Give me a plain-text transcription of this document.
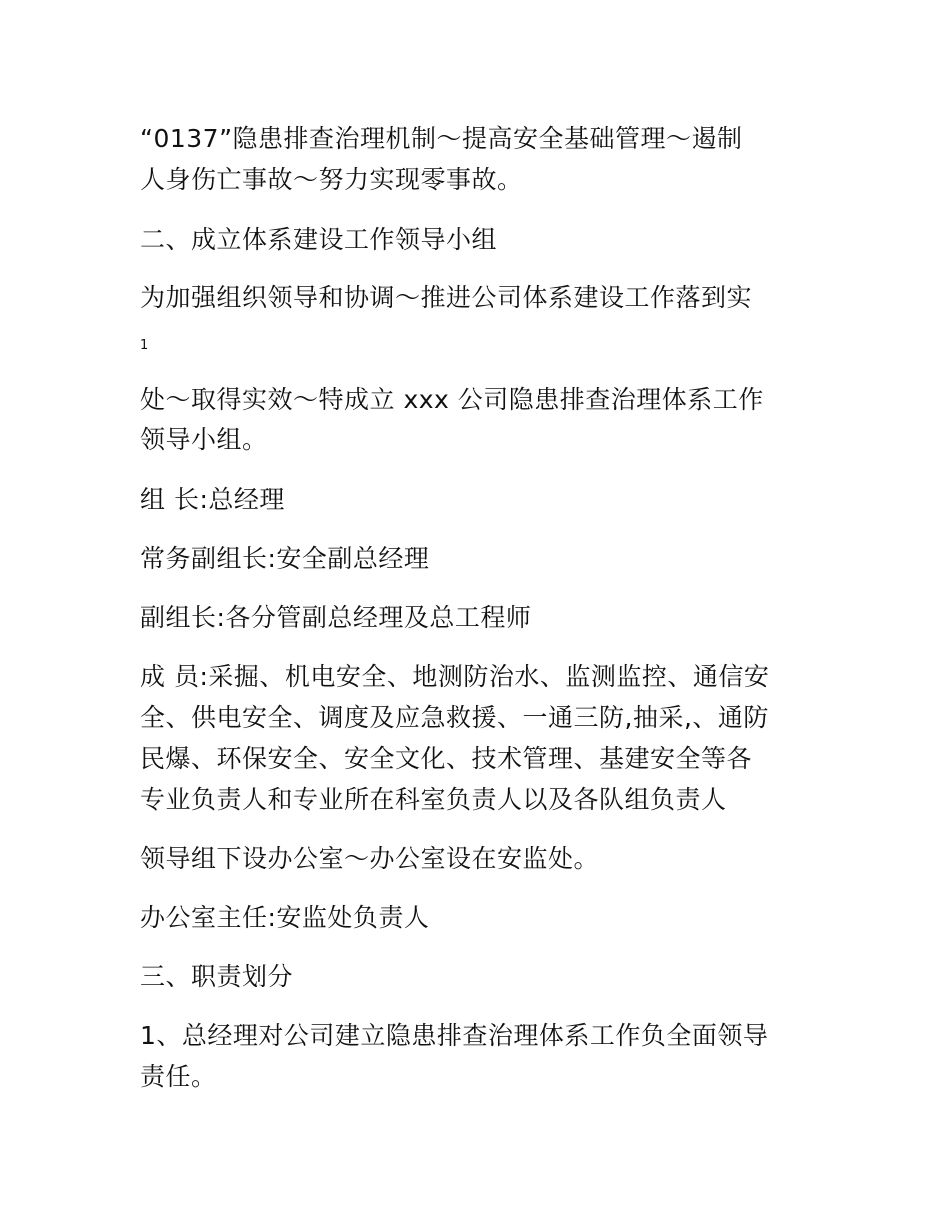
“0137”隐患排查治理机制～提高安全基础管理～遏制
人身伤亡事故～努力实现零事故。
二、成立体系建设工作领导小组
为加强组织领导和协调～推进公司体系建设工作落到实
1
处～取得实效～特成立 xxx 公司隐患排查治理体系工作
领导小组。
组 长:总经理
常务副组长:安全副总经理
副组长:各分管副总经理及总工程师
成 员:采掘、机电安全、地测防治水、监测监控、通信安
全、供电安全、调度及应急救援、一通三防,抽采,、通防
民爆、环保安全、安全文化、技术管理、基建安全等各
专业负责人和专业所在科室负责人以及各队组负责人
领导组下设办公室～办公室设在安监处。
办公室主任:安监处负责人
三、职责划分
1、总经理对公司建立隐患排查治理体系工作负全面领导
责任。
